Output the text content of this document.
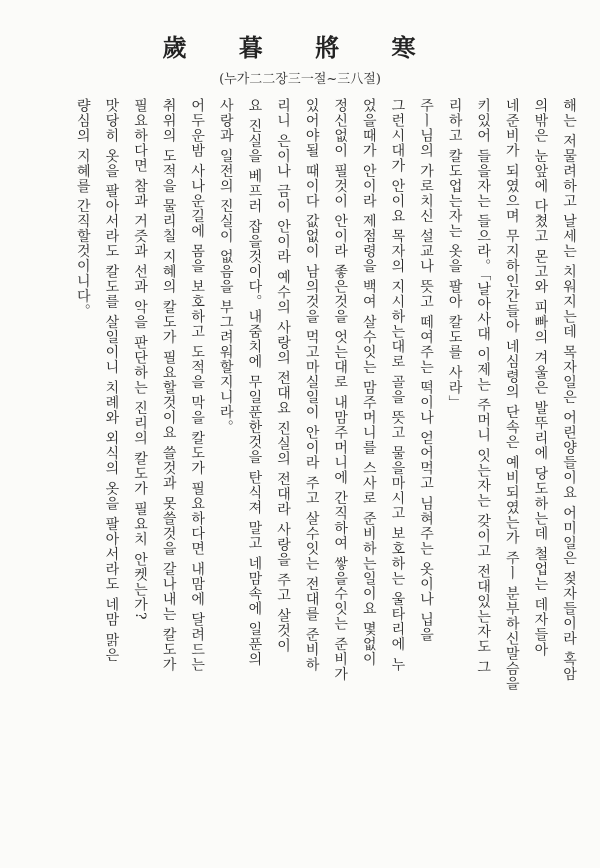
歲 暮 將 寒
(누가二二장三一절~三八절)
해는 저물려하고 날세는 치워지는데 목자일은 어린양들이요 어미일은 젖자들이라 혹암
의밖은 눈앞에 다쳤고 몬고와 피빠의 겨울은 발뚜리에 당도하는데 철업는 데자들아
네준비가 되였으며 무지하인간들아 네심령의 단속은 예비되였는가 주ㅣ 분부하신말슴을
키있어 들을자는 들으라。「날아사대 이제는 주머니 잇는자는 갖이고 전대있는자도 그
리하고 칼도업는자는 옷을 팔아 칼도를 사라」
주ㅣ님의 가로치신 설교나 뜻고 떼여주는 떡이나 얻어먹고 님혀주는 옷이나 닙을
그런시대가 안이요 목자의 지시하는대로 골을 뜻고 물을마시고 보호하는 울타리에 누
었을때가 안이라 제점령을 백여 살수잇는 맘주머니를 스사로 준비하는일이요 몇없이
정신없이 필것이 안이라 좋은것을 엇는대로 내맘주머니에 간직하여 쌓을수잇는 준비가
있어야될 때이다 값없이 남의것을 먹고마실일이 안이라 주고 살수잇는 전대를 준비하
리니 은이나 금이 안이라 예수의 사랑의 전대요 진실의 전대라 사랑을 주고 살것이
요 진실을 베프러 잡을것이다。내줌치에 무일푼한것을 탄식져 말고 네맘속에 일푼의
사랑과 일전의 진실이 없음을 부그려워할지니라。
어두운밤 사나운길에 몸을 보호하고 도적을 막을 칼도가 필요하다면 내맘에 달려드는
취위의 도적을 물리칠 지혜의 칼도가 필요할것이요 쓸것과 못쓸것을 갈나내는 칼도가
필요하다면 참과 거즛과 선과 악을 판단하는 진리의 칼도가 필요치 안켓는가?
맛당히 옷을 팔아서라도 칼도를 살일이니 치례와 외식의 옷을 팔아서라도 네맘 맑은
량심의 지혜를 간직할것이니다。
